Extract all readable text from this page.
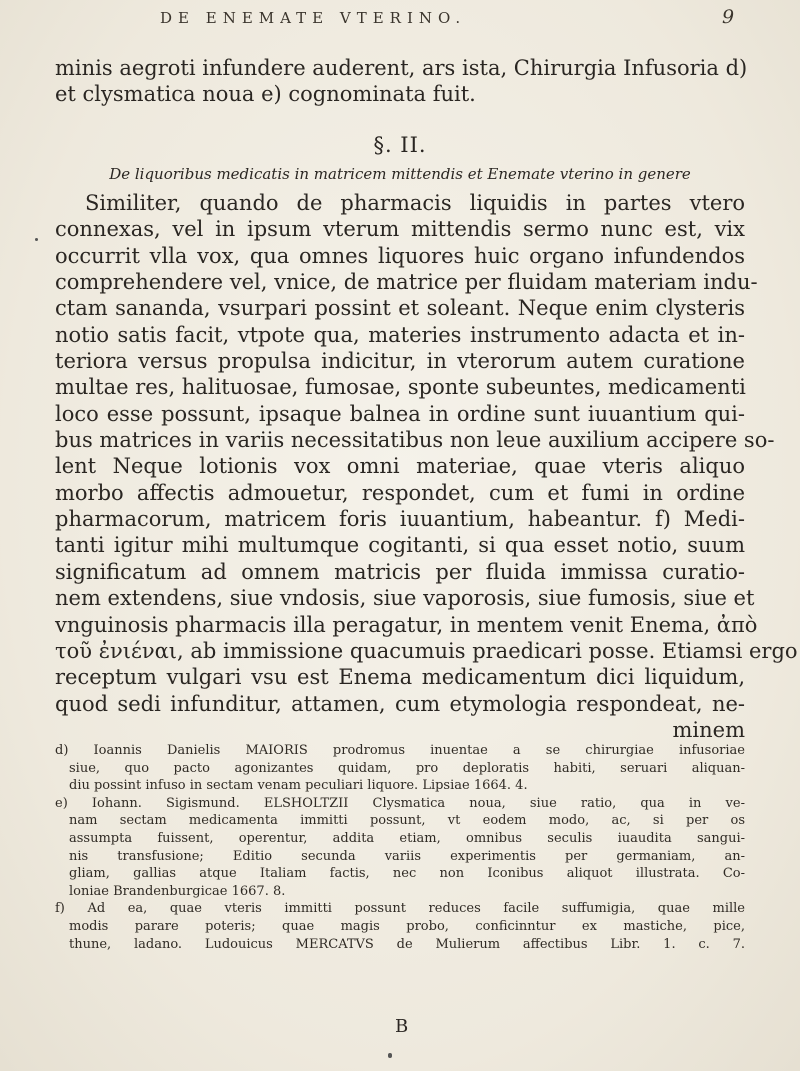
DE ENEMATE VTERINO.	9
minis aegroti infundere auderent, ars ista, Chirurgia Infusoria d)
et clysmatica noua e) cognominata fuit.
§. II.
De liquoribus medicatis in matricem mittendis et Enemate vterino in genere
Similiter, quando de pharmacis liquidis in partes vtero
connexas, vel in ipsum vterum mittendis sermo nunc est, vix
occurrit vlla vox, qua omnes liquores huic organo infundendos
comprehendere vel, vnice, de matrice per fluidam materiam indu-
ctam sananda, vsurpari possint et soleant. Neque enim clysteris
notio satis facit, vtpote qua, materies instrumento adacta et in-
teriora versus propulsa indicitur, in vterorum autem curatione
multae res, halituosae, fumosae, sponte subeuntes, medicamenti
loco esse possunt, ipsaque balnea in ordine sunt iuuantium qui-
bus matrices in variis necessitatibus non leue auxilium accipere so-
lent Neque lotionis vox omni materiae, quae vteris aliquo
morbo affectis admouetur, respondet, cum et fumi in ordine
pharmacorum, matricem foris iuuantium, habeantur. f) Medi-
tanti igitur mihi multumque cogitanti, si qua esset notio, suum
significatum ad omnem matricis per fluida immissa curatio-
nem extendens, siue vndosis, siue vaporosis, siue fumosis, siue et
vnguinosis pharmacis illa peragatur, in mentem venit Enema, ἀπὸ
τοῦ ἐνιέναι, ab immissione quacumuis praedicari posse. Etiamsi ergo
receptum vulgari vsu est Enema medicamentum dici liquidum,
quod sedi infunditur, attamen, cum etymologia respondeat, ne-
minem
d) Ioannis Danielis MAIORIS prodromus inuentae a se chirurgiae infusoriae
siue, quo pacto agonizantes quidam, pro deploratis habiti, seruari aliquan-
diu possint infuso in sectam venam peculiari liquore. Lipsiae 1664. 4.
e) Iohann. Sigismund. ELSHOLTZII Clysmatica noua, siue ratio, qua in ve-
nam sectam medicamenta immitti possunt, vt eodem modo, ac, si per os
assumpta fuissent, operentur, addita etiam, omnibus seculis iuaudita sangui-
nis transfusione; Editio secunda variis experimentis per germaniam, an-
gliam, gallias atque Italiam factis, nec non Iconibus aliquot illustrata. Co-
loniae Brandenburgicae 1667. 8.
f) Ad ea, quae vteris immitti possunt reduces facile suffumigia, quae mille
modis parare poteris; quae magis probo, conficinntur ex mastiche, pice,
thune, ladano. Ludouicus MERCATVS de Mulierum affectibus Libr. 1. c. 7.
B
